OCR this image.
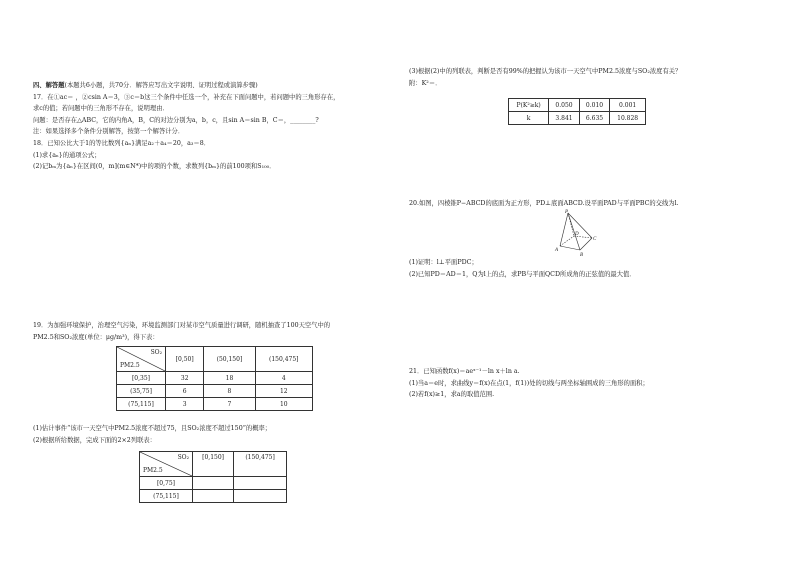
四、解答题(本题共6小题，共70分．解答应写出文字说明、证明过程或演算步骤)
17．在①ac＝ ，②csin A＝3，③c＝b这三个条件中任选一个，补充在下面问题中，若问题中的三角形存在，
求c的值；若问题中的三角形不存在，说明理由．
问题：是否存在△ABC，它的内角A，B，C的对边分别为a，b，c，且sin A＝sin B，C＝，________?
注：如果选择多个条件分别解答，按第一个解答计分．
18．已知公比大于1的等比数列{aₙ}满足a₂＋a₄＝20，a₃＝8．
(1)求{aₙ}的通项公式；
(2)记bₘ为{aₙ}在区间(0，m](m∈N*)中的项的个数，求数列{bₘ}的前100项和S₁₀₀．
19．为加强环境保护，治理空气污染，环境监测部门对某市空气质量进行调研，随机抽查了100天空气中的
PM2.5和SO₂浓度(单位：μg/m³)，得下表：
SO₂
PM2.5	[0,50]	(50,150]	(150,475]
[0,35]	32	18	4
(35,75]	6	8	12
(75,115]	3	7	10
(1)估计事件“该市一天空气中PM2.5浓度不超过75，且SO₂浓度不超过150”的概率；
(2)根据所给数据，完成下面的2×2列联表：
SO₂
PM2.5	[0,150]	(150,475]
[0,75]		
(75,115]		
(3)根据(2)中的列联表，判断是否有99%的把握认为该市一天空气中PM2.5浓度与SO₂浓度有关？
附：K²＝．
P(K²≥k)	0.050	0.010	0.001
k	3.841	6.635	10.828
20.如图，四棱锥P−ABCD的底面为正方形，PD⊥底面ABCD.设平面PAD与平面PBC的交线为l.
P
A
B
C
D
(1)证明：l⊥平面PDC；
(2)已知PD＝AD＝1，Q为l上的点，求PB与平面QCD所成角的正弦值的最大值．
21．已知函数f(x)＝aeˣ⁻¹－ln x＋ln a.
(1)当a＝e时，求曲线y＝f(x)在点(1，f(1))处的切线与两坐标轴围成的三角形的面积；
(2)若f(x)≥1，求a的取值范围.
